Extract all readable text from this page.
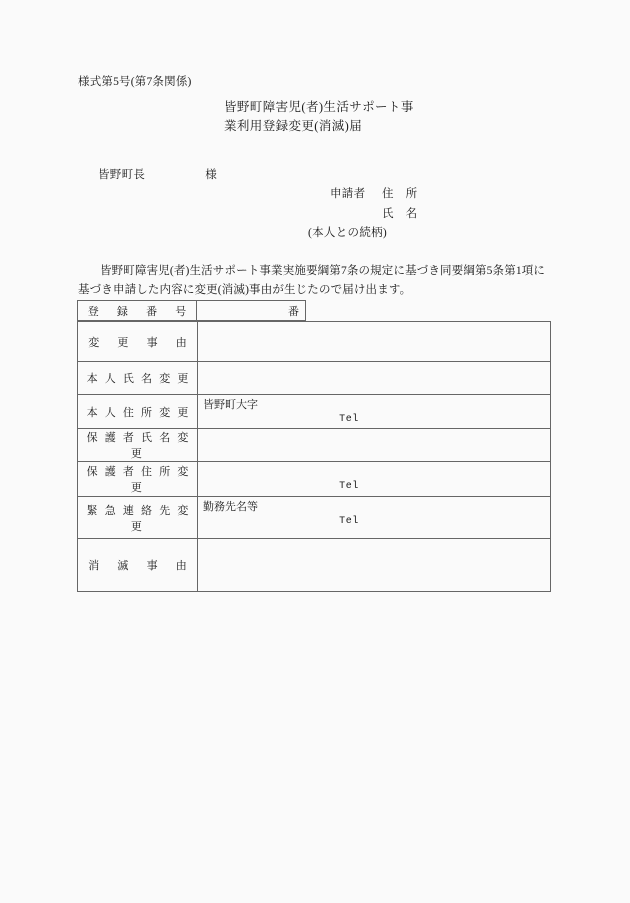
様式第5号(第7条関係)
皆野町障害児(者)生活サポート事
業利用登録変更(消滅)届
皆野町長	様
申請者 住　所
氏　名
(本人との続柄)
皆野町障害児(者)生活サポート事業実施要綱第7条の規定に基づき同要綱第5条第1項に基づき申請した内容に変更(消滅)事由が生じたので届け出ます。
登　録　番　号	番
変　更　事　由	

本 人 氏 名 変 更	

本 人 住 所 変 更	皆野町大字
Tel

保 護 者 氏 名 変 更	

保 護 者 住 所 変 更	Tel

緊 急 連 絡 先 変 更	勤務先名等
Tel

消　滅　事　由	
